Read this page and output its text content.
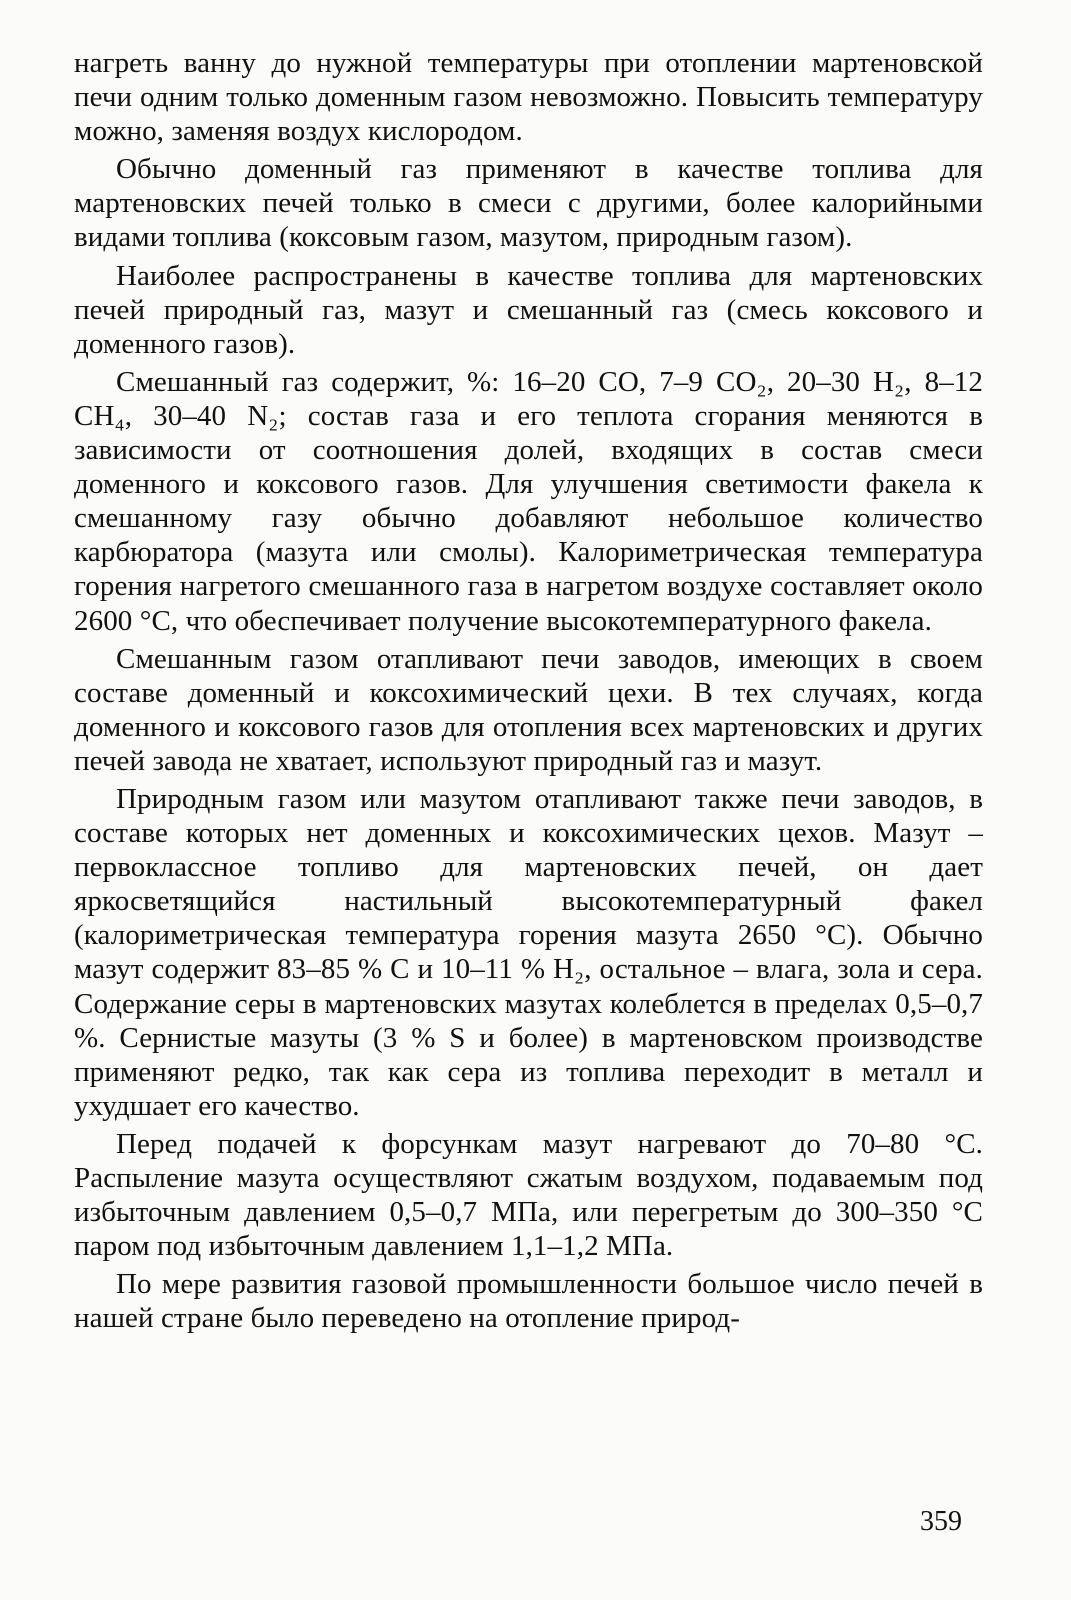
нагреть ванну до нужной температуры при отоплении мартеновской печи одним только доменным газом невозможно. Повысить температуру можно, заменяя воздух кислородом.

Обычно доменный газ применяют в качестве топлива для мартеновских печей только в смеси с другими, более калорийными видами топлива (коксовым газом, мазутом, природным газом).

Наиболее распространены в качестве топлива для мартеновских печей природный газ, мазут и смешанный газ (смесь коксового и доменного газов).

Смешанный газ содержит, %: 16–20 CO, 7–9 CO₂, 20–30 H₂, 8–12 CH₄, 30–40 N₂; состав газа и его теплота сгорания меняются в зависимости от соотношения долей, входящих в состав смеси доменного и коксового газов. Для улучшения светимости факела к смешанному газу обычно добавляют небольшое количество карбюратора (мазута или смолы). Калориметрическая температура горения нагретого смешанного газа в нагретом воздухе составляет около 2600 °С, что обеспечивает получение высокотемпературного факела.

Смешанным газом отапливают печи заводов, имеющих в своем составе доменный и коксохимический цехи. В тех случаях, когда доменного и коксового газов для отопления всех мартеновских и других печей завода не хватает, используют природный газ и мазут.

Природным газом или мазутом отапливают также печи заводов, в составе которых нет доменных и коксохимических цехов. Мазут – первоклассное топливо для мартеновских печей, он дает яркосветящийся настильный высокотемпературный факел (калориметрическая температура горения мазута 2650 °С). Обычно мазут содержит 83–85 % C и 10–11 % H₂, остальное – влага, зола и сера. Содержание серы в мартеновских мазутах колеблется в пределах 0,5–0,7 %. Сернистые мазуты (3 % S и более) в мартеновском производстве применяют редко, так как сера из топлива переходит в металл и ухудшает его качество.

Перед подачей к форсункам мазут нагревают до 70–80 °С. Распыление мазута осуществляют сжатым воздухом, подаваемым под избыточным давлением 0,5–0,7 МПа, или перегретым до 300–350 °С паром под избыточным давлением 1,1–1,2 МПа.

По мере развития газовой промышленности большое число печей в нашей стране было переведено на отопление природ-

359
